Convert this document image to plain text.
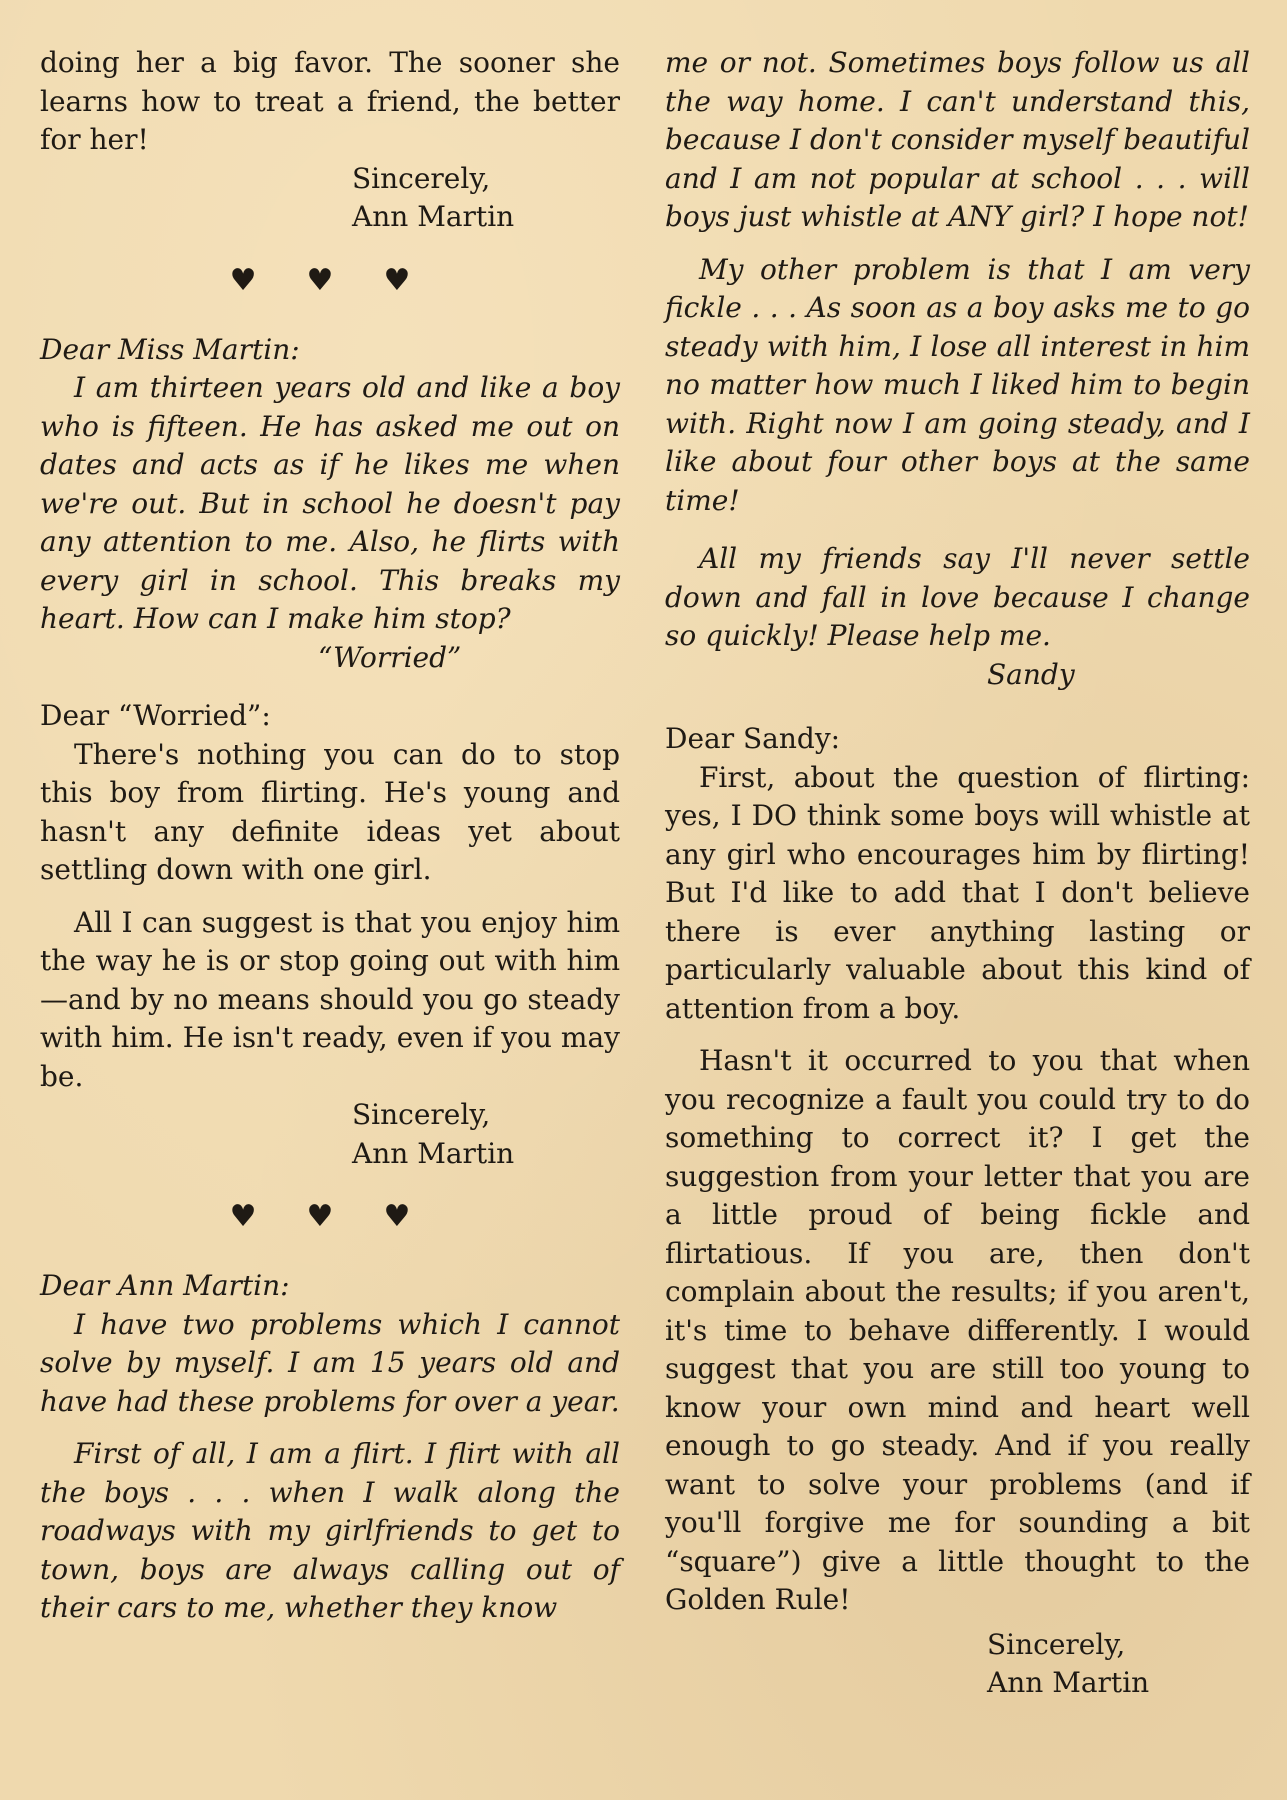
doing her a big favor. The sooner she learns how to treat a friend, the better for her!

Sincerely,

Ann Martin

♥ ♥ ♥

Dear Miss Martin:

I am thirteen years old and like a boy who is fifteen. He has asked me out on dates and acts as if he likes me when we're out. But in school he doesn't pay any attention to me. Also, he flirts with every girl in school. This breaks my heart. How can I make him stop?

“Worried”

Dear “Worried”:

There's nothing you can do to stop this boy from flirting. He's young and hasn't any definite ideas yet about settling down with one girl.

All I can suggest is that you enjoy him the way he is or stop going out with him—and by no means should you go steady with him. He isn't ready, even if you may be.

Sincerely,

Ann Martin

♥ ♥ ♥

Dear Ann Martin:

I have two problems which I cannot solve by myself. I am 15 years old and have had these problems for over a year.

First of all, I am a flirt. I flirt with all the boys . . . when I walk along the roadways with my girlfriends to get to town, boys are always calling out of their cars to me, whether they know

me or not. Sometimes boys follow us all the way home. I can't understand this, because I don't consider myself beautiful and I am not popular at school . . . will boys just whistle at ANY girl? I hope not!

My other problem is that I am very fickle . . . As soon as a boy asks me to go steady with him, I lose all interest in him no matter how much I liked him to begin with. Right now I am going steady, and I like about four other boys at the same time!

All my friends say I'll never settle down and fall in love because I change so quickly! Please help me.

Sandy

Dear Sandy:

First, about the question of flirting: yes, I DO think some boys will whistle at any girl who encourages him by flirting! But I'd like to add that I don't believe there is ever anything lasting or particularly valuable about this kind of attention from a boy.

Hasn't it occurred to you that when you recognize a fault you could try to do something to correct it? I get the suggestion from your letter that you are a little proud of being fickle and flirtatious. If you are, then don't complain about the results; if you aren't, it's time to behave differently. I would suggest that you are still too young to know your own mind and heart well enough to go steady. And if you really want to solve your problems (and if you'll forgive me for sounding a bit “square”) give a little thought to the Golden Rule!

Sincerely,

Ann Martin
